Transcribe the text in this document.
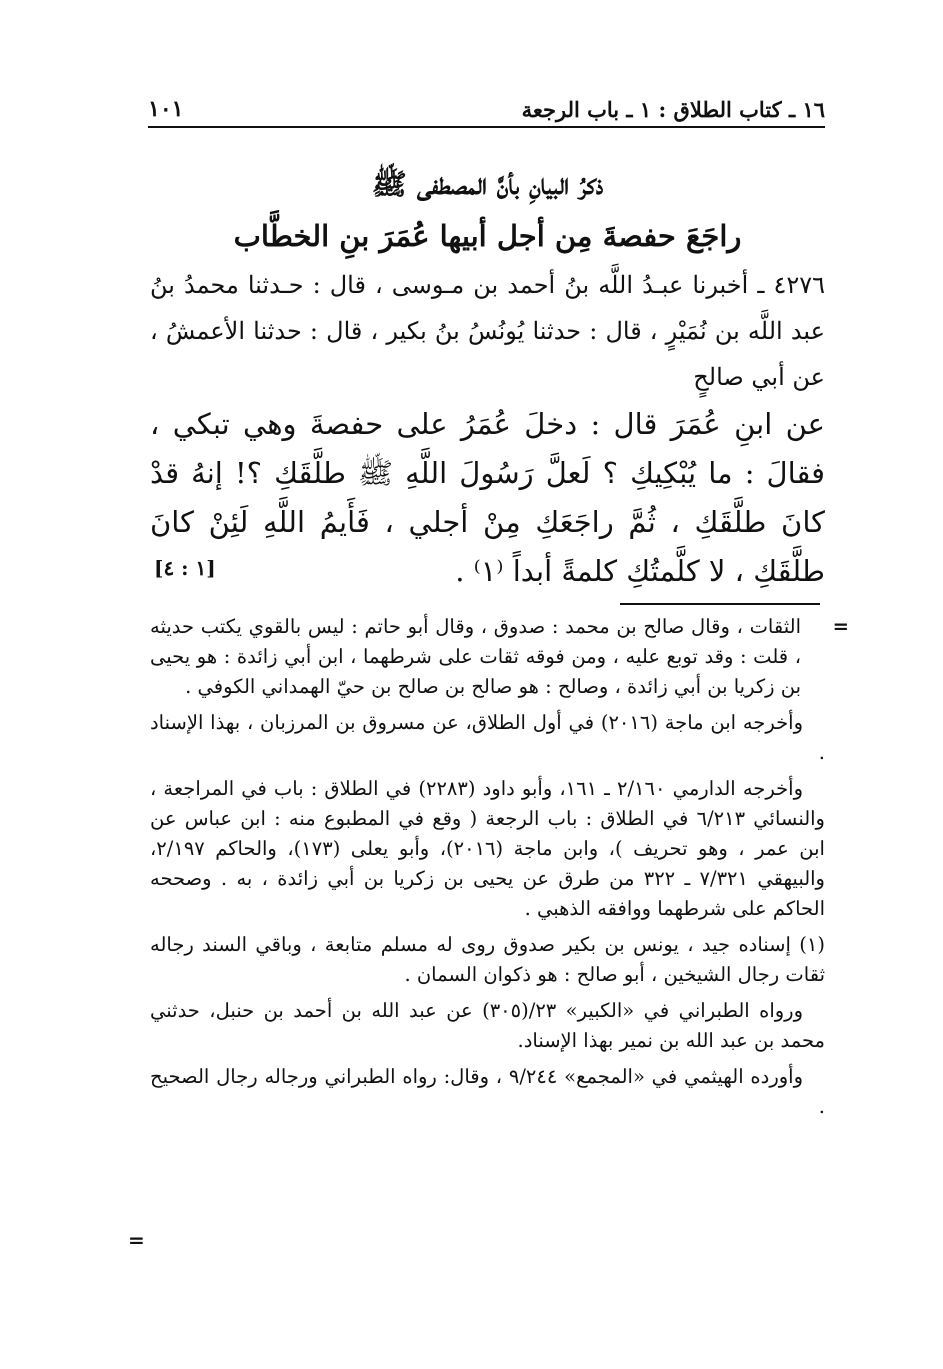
١٦ ـ كتاب الطلاق : ١ ـ باب الرجعة
١٠١
ذكرُ البيانِ بأنَّ المصطفى ﷺ
راجَعَ حفصةَ مِن أجل أبيها عُمَرَ بنِ الخطَّاب
٤٢٧٦ ـ أخبرنا عبـدُ اللَّه بنُ أحمد بن مـوسى ، قال : حـدثنا محمدُ بنُ عبد اللَّه بن نُمَيْرٍ ، قال : حدثنا يُونُسُ بنُ بكير ، قال : حدثنا الأعمشُ ، عن أبي صالحٍ
عن ابنِ عُمَرَ قال : دخلَ عُمَرُ على حفصةَ وهي تبكي ، فقالَ : ما يُبْكِيكِ ؟ لَعلَّ رَسُولَ اللَّهِ ﷺ طلَّقَكِ ؟! إنهُ قدْ كانَ طلَّقَكِ ، ثُمَّ راجَعَكِ مِنْ أجلي ، فَأَيمُ اللَّهِ لَئِنْ كانَ طلَّقَكِ ، لا كلَّمتُكِ كلمةً أبداً ⁽١⁾ .
[١ : ٤]

=
الثقات ، وقال صالح بن محمد : صدوق ، وقال أبو حاتم : ليس بالقوي يكتب حديثه ، قلت : وقد توبع عليه ، ومن فوقه ثقات على شرطهما ، ابن أبي زائدة : هو يحيى بن زكريا بن أبي زائدة ، وصالح : هو صالح بن صالح بن حيّ الهمداني الكوفي .

وأخرجه ابن ماجة (٢٠١٦) في أول الطلاق، عن مسروق بن المرزبان ، بهذا الإسناد .

وأخرجه الدارمي ٢/١٦٠ ـ ١٦١، وأبو داود (٢٢٨٣) في الطلاق : باب في المراجعة ، والنسائي ٦/٢١٣ في الطلاق : باب الرجعة ( وقع في المطبوع منه : ابن عباس عن ابن عمر ، وهو تحريف )، وابن ماجة (٢٠١٦)، وأبو يعلى (١٧٣)، والحاكم ٢/١٩٧، والبيهقي ٧/٣٢١ ـ ٣٢٢ من طرق عن يحيى بن زكريا بن أبي زائدة ، به . وصححه الحاكم على شرطهما ووافقه الذهبي .

(١) إسناده جيد ، يونس بن بكير صدوق روى له مسلم متابعة ، وباقي السند رجاله ثقات رجال الشيخين ، أبو صالح : هو ذكوان السمان .

ورواه الطبراني في «الكبير» ٢٣/(٣٠٥) عن عبد الله بن أحمد بن حنبل، حدثني محمد بن عبد الله بن نمير بهذا الإسناد.

وأورده الهيثمي في «المجمع» ٩/٢٤٤ ، وقال: رواه الطبراني ورجاله رجال الصحيح .

=
